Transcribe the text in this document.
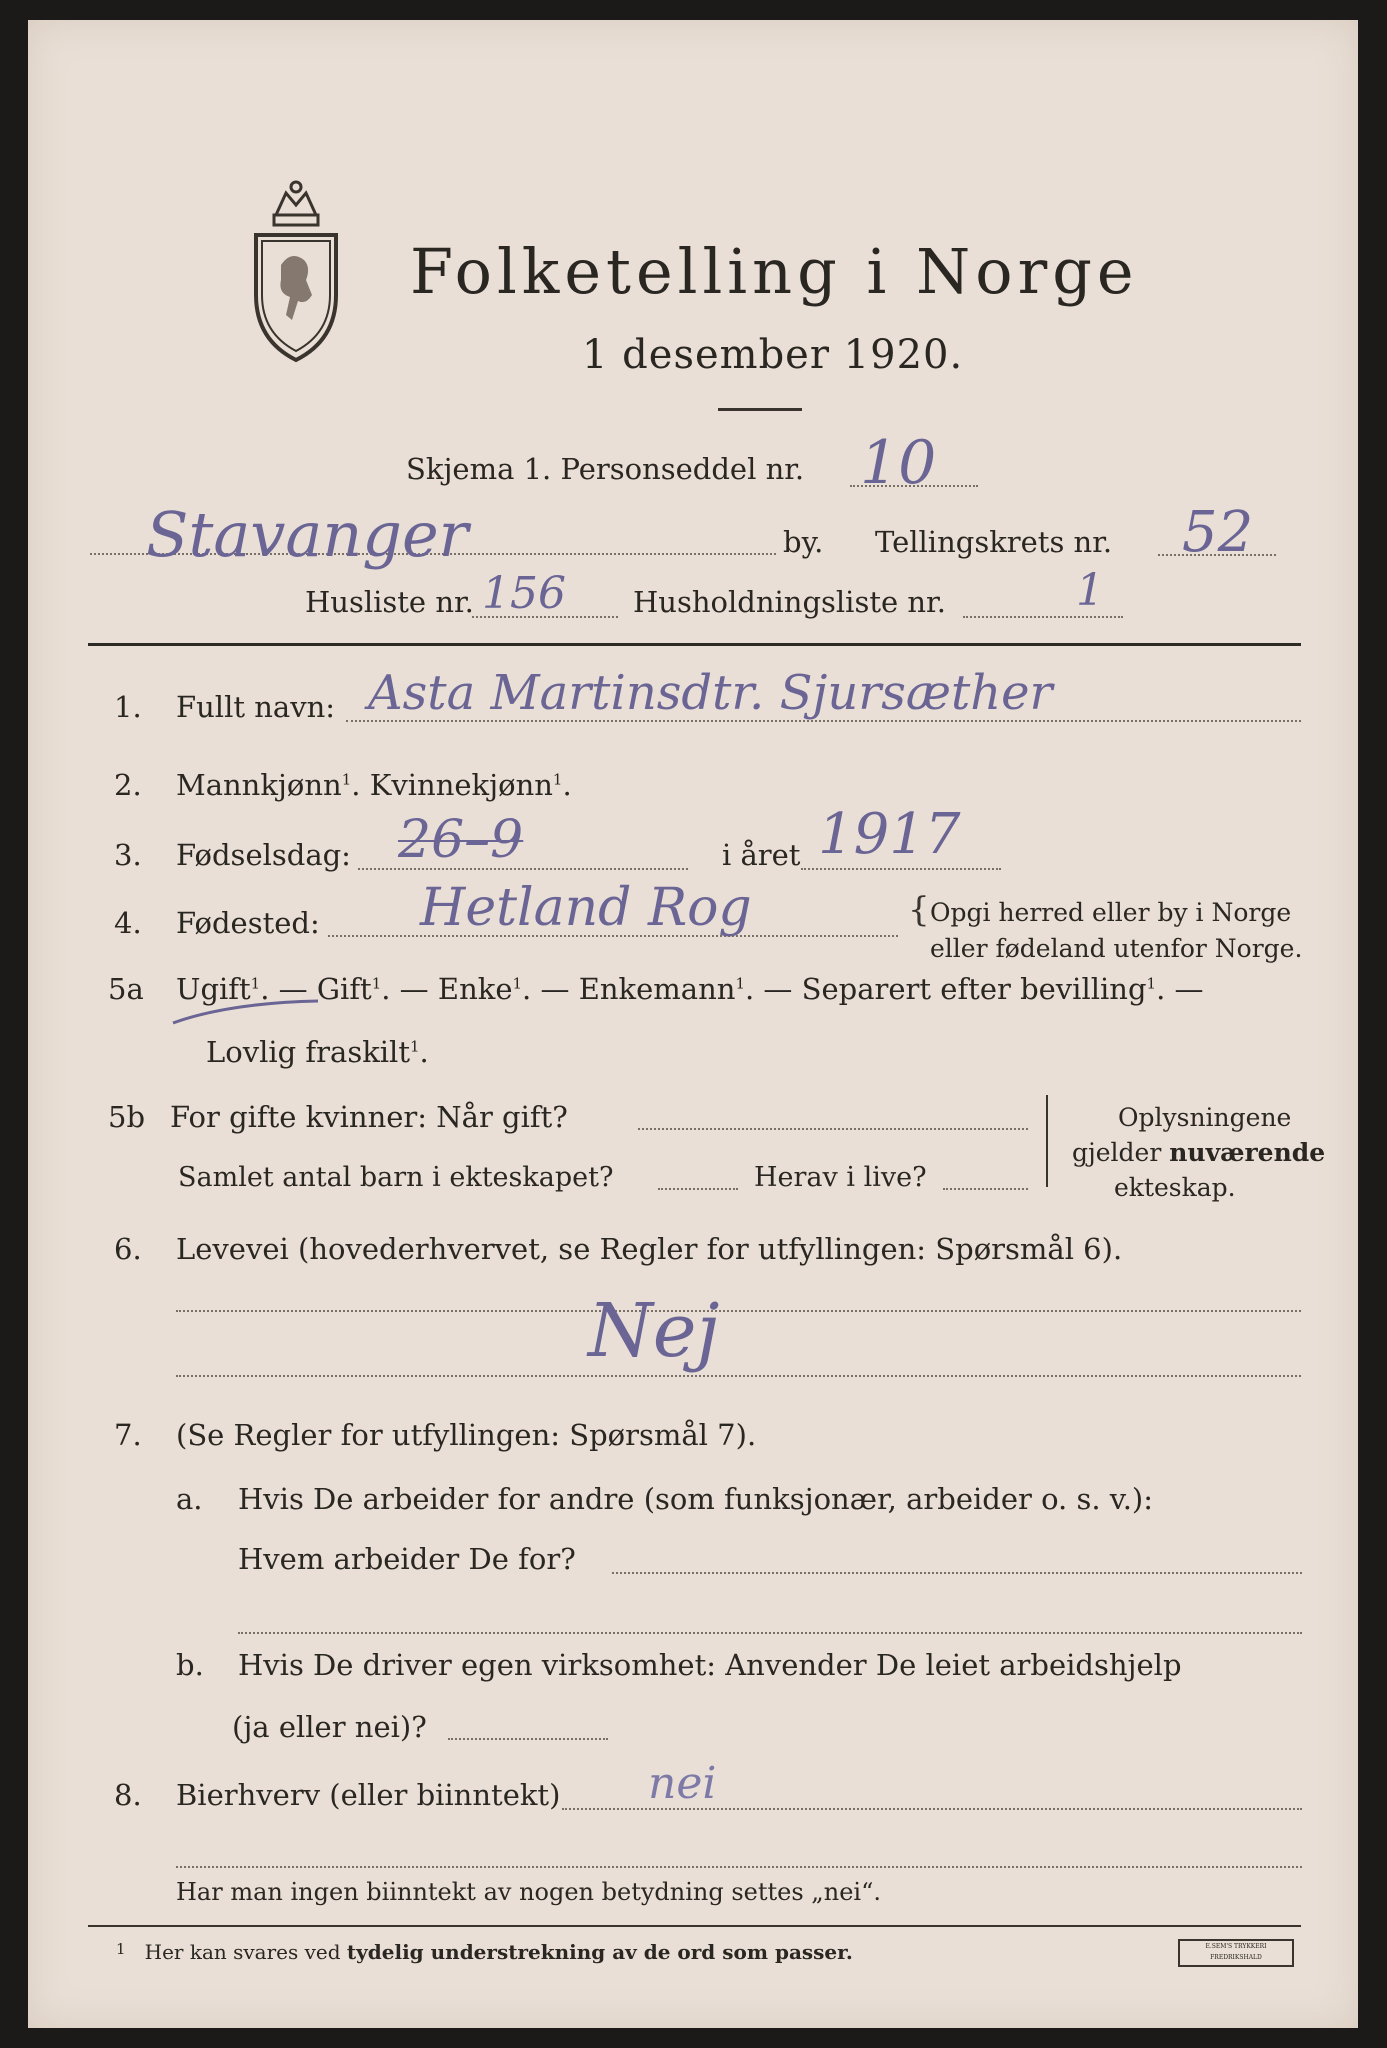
Folketelling i Norge
1 desember 1920.
Skjema 1. Personseddel nr. 10
Stavanger	by. Tellingskrets nr. 52
Husliste nr. 156 Husholdningsliste nr.	1
1. Fullt navn: Asta Martinsdtr. Sjursæther
2. Mannkjønn$^1$. Kvinnekjønn$^1$.
3. Fødselsdag: 26–9	i året 1917
4. Fødested: Hetland Rog	{ Opgi herred eller by i Norge
eller fødeland utenfor Norge.
5a Ugift$^1$. — Gift$^1$. — Enke$^1$. — Enkemann$^1$. — Separert efter bevilling$^1$. —
Lovlig fraskilt$^1$.
5b For gifte kvinner: Når gift?
Samlet antal barn i ekteskapet?	Herav i live?
Oplysningene
gjelder nuværende
ekteskap.
6. Levevei (hovederhvervet, se Regler for utfyllingen: Spørsmål 6).
Nej
7. (Se Regler for utfyllingen: Spørsmål 7).
a. Hvis De arbeider for andre (som funksjonær, arbeider o. s. v.):
Hvem arbeider De for?
b. Hvis De driver egen virksomhet: Anvender De leiet arbeidshjelp
(ja eller nei)?
8. Bierhverv (eller biinntekt) nei
Har man ingen biinntekt av nogen betydning settes „nei“.
$^1$ Her kan svares ved tydelig understrekning av de ord som passer.	E.SEM'S TRYKKERI FREDRIKSHALD
